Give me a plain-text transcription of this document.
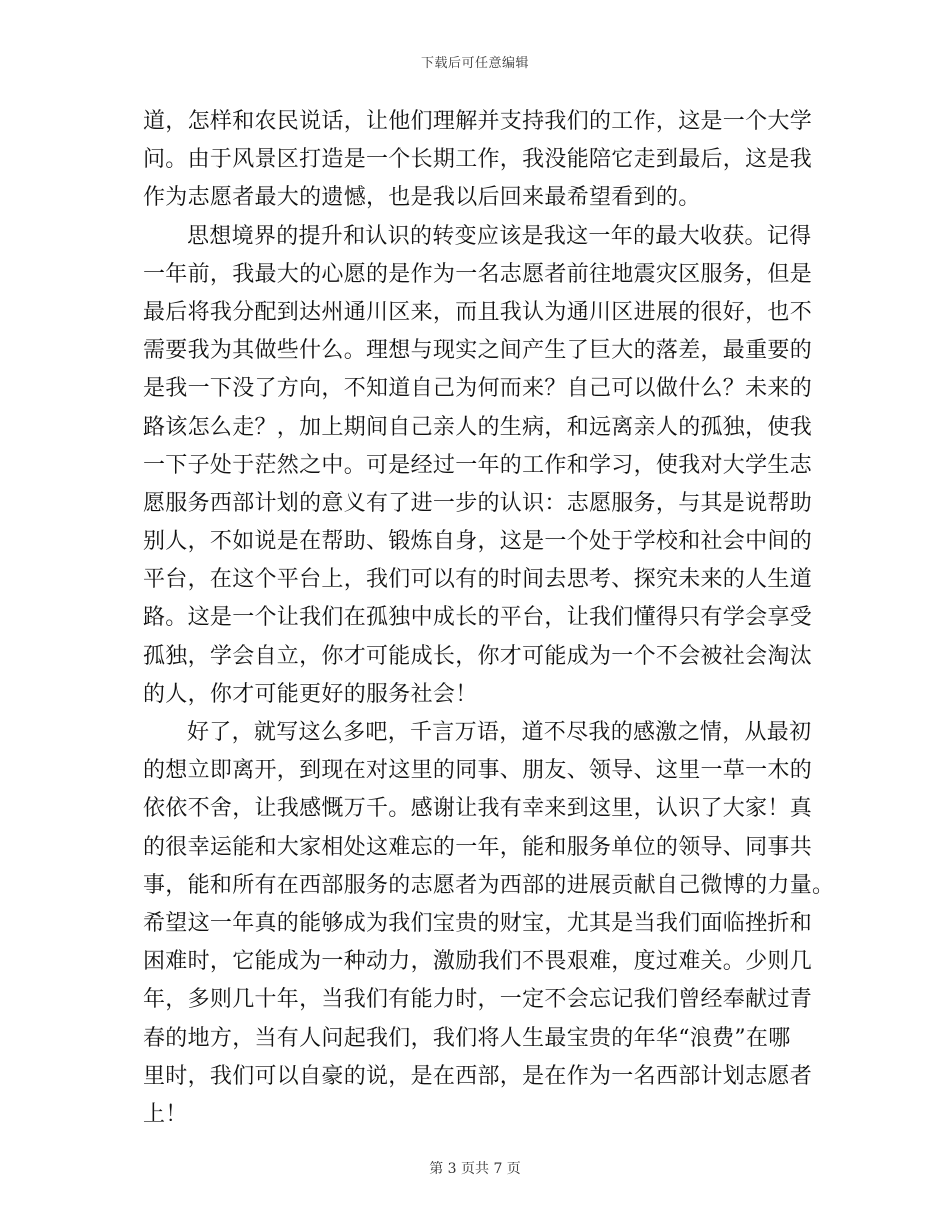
下载后可任意编辑
道，怎样和农民说话，让他们理解并支持我们的工作，这是一个大学
问。由于风景区打造是一个长期工作，我没能陪它走到最后，这是我
作为志愿者最大的遗憾，也是我以后回来最希望看到的。
思想境界的提升和认识的转变应该是我这一年的最大收获。记得
一年前，我最大的心愿的是作为一名志愿者前往地震灾区服务，但是
最后将我分配到达州通川区来，而且我认为通川区进展的很好，也不
需要我为其做些什么。理想与现实之间产生了巨大的落差，最重要的
是我一下没了方向，不知道自己为何而来？自己可以做什么？未来的
路该怎么走？，加上期间自己亲人的生病，和远离亲人的孤独，使我
一下子处于茫然之中。可是经过一年的工作和学习，使我对大学生志
愿服务西部计划的意义有了进一步的认识：志愿服务，与其是说帮助
别人，不如说是在帮助、锻炼自身，这是一个处于学校和社会中间的
平台，在这个平台上，我们可以有的时间去思考、探究未来的人生道
路。这是一个让我们在孤独中成长的平台，让我们懂得只有学会享受
孤独，学会自立，你才可能成长，你才可能成为一个不会被社会淘汰
的人，你才可能更好的服务社会！
好了，就写这么多吧，千言万语，道不尽我的感激之情，从最初
的想立即离开，到现在对这里的同事、朋友、领导、这里一草一木的
依依不舍，让我感慨万千。感谢让我有幸来到这里，认识了大家！真
的很幸运能和大家相处这难忘的一年，能和服务单位的领导、同事共
事，能和所有在西部服务的志愿者为西部的进展贡献自己微博的力量。
希望这一年真的能够成为我们宝贵的财宝，尤其是当我们面临挫折和
困难时，它能成为一种动力，激励我们不畏艰难，度过难关。少则几
年，多则几十年，当我们有能力时，一定不会忘记我们曾经奉献过青
春的地方，当有人问起我们，我们将人生最宝贵的年华“浪费”在哪
里时，我们可以自豪的说，是在西部，是在作为一名西部计划志愿者
上！
第 3 页共 7 页
